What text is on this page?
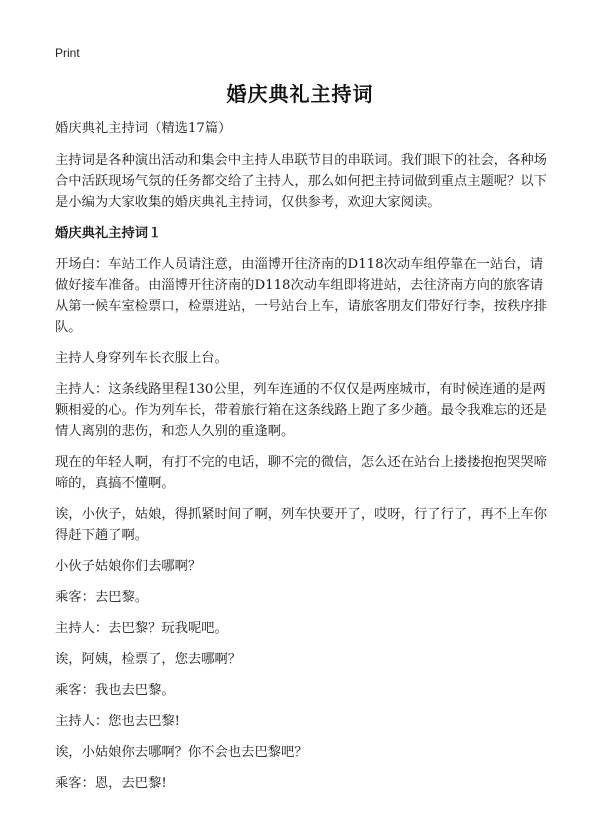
Print
婚庆典礼主持词

婚庆典礼主持词（精选17篇）

主持词是各种演出活动和集会中主持人串联节目的串联词。我们眼下的社会，各种场合中活跃现场气氛的任务都交给了主持人，那么如何把主持词做到重点主题呢？以下是小编为大家收集的婚庆典礼主持词，仅供参考，欢迎大家阅读。

婚庆典礼主持词１

开场白：车站工作人员请注意，由淄博开往济南的D118次动车组停靠在一站台，请做好接车准备。由淄博开往济南的D118次动车组即将进站，去往济南方向的旅客请从第一候车室检票口，检票进站，一号站台上车，请旅客朋友们带好行李，按秩序排队。

主持人身穿列车长衣服上台。

主持人：这条线路里程130公里，列车连通的不仅仅是两座城市，有时候连通的是两颗相爱的心。作为列车长，带着旅行箱在这条线路上跑了多少趟。最令我难忘的还是情人离别的悲伤，和恋人久别的重逢啊。

现在的年轻人啊，有打不完的电话，聊不完的微信，怎么还在站台上搂搂抱抱哭哭啼啼的，真搞不懂啊。

诶，小伙子，姑娘，得抓紧时间了啊，列车快要开了，哎呀，行了行了，再不上车你得赶下趟了啊。

小伙子姑娘你们去哪啊？

乘客：去巴黎。

主持人：去巴黎？玩我呢吧。

诶，阿姨，检票了，您去哪啊？

乘客：我也去巴黎。

主持人：您也去巴黎!

诶，小姑娘你去哪啊？你不会也去巴黎吧？

乘客：恩，去巴黎!
